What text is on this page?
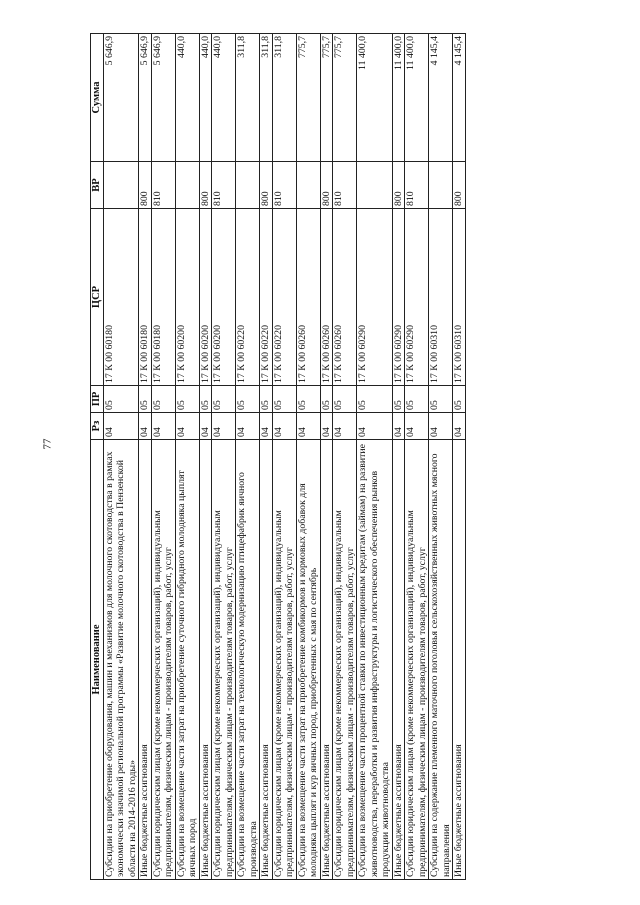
77
Наименование	Рз	ПР	ЦСР	ВР	Сумма
Субсидии на приобретение оборудования, машин и механизмов для молочного скотоводства в рамках экономически значимой региональной программы «Развитие молочного скотоводства в Пензенской области на 2014-2016 годы»	04	05	17 К 00 60180		5 646,9
Иные бюджетные ассигнования	04	05	17 К 00 60180	800	5 646,9
Субсидии юридическим лицам (кроме некоммерческих организаций), индивидуальным предпринимателям, физическим лицам - производителям товаров, работ, услуг	04	05	17 К 00 60180	810	5 646,9
Субсидии на возмещение части затрат на приобретение суточного гибридного молодняка цыплят яичных пород	04	05	17 К 00 60200		440,0
Иные бюджетные ассигнования	04	05	17 К 00 60200	800	440,0
Субсидии юридическим лицам (кроме некоммерческих организаций), индивидуальным предпринимателям, физическим лицам - производителям товаров, работ, услуг	04	05	17 К 00 60200	810	440,0
Субсидии на возмещение части затрат на технологическую модернизацию птицефабрик яичного производства	04	05	17 К 00 60220		311,8
Иные бюджетные ассигнования	04	05	17 К 00 60220	800	311,8
Субсидии юридическим лицам (кроме некоммерческих организаций), индивидуальным предпринимателям, физическим лицам - производителям товаров, работ, услуг	04	05	17 К 00 60220	810	311,8
Субсидии на возмещение части затрат на приобретение комбикормов и кормовых добавок для молодняка цыплят и кур яичных пород, приобретенных с мая по сентябрь	04	05	17 К 00 60260		775,7
Иные бюджетные ассигнования	04	05	17 К 00 60260	800	775,7
Субсидии юридическим лицам (кроме некоммерческих организаций), индивидуальным предпринимателям, физическим лицам - производителям товаров, работ, услуг	04	05	17 К 00 60260	810	775,7
Субсидии на возмещение части процентной ставки по инвестиционным кредитам (займам) на развитие животноводства, переработки и развития инфраструктуры и логистического обеспечения рынков продукции животноводства	04	05	17 К 00 60290		11 400,0
Иные бюджетные ассигнования	04	05	17 К 00 60290	800	11 400,0
Субсидии юридическим лицам (кроме некоммерческих организаций), индивидуальным предпринимателям, физическим лицам - производителям товаров, работ, услуг	04	05	17 К 00 60290	810	11 400,0
Субсидии на содержание племенного маточного поголовья сельскохозяйственных животных мясного направления	04	05	17 К 00 60310		4 145,4
Иные бюджетные ассигнования	04	05	17 К 00 60310	800	4 145,4
